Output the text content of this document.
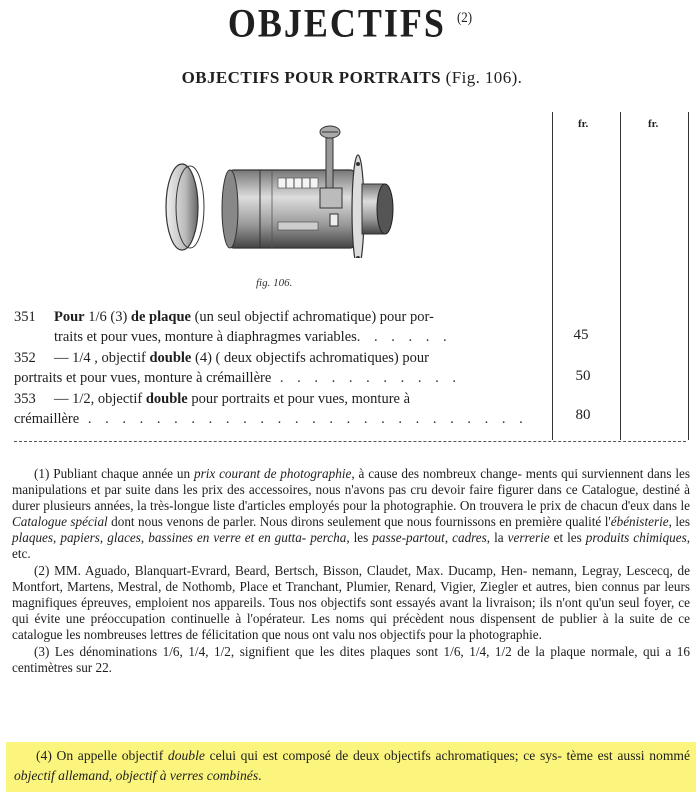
OBJECTIFS $^{(2)}$
OBJECTIFS POUR PORTRAITS (Fig. 106).
fr.	fr.
fig. 106.
351 Pour 1/6 (3) de plaque (un seul objectif achromatique) pour por-
traits et pour vues, monture à diaphragmes variables. . . . . .	45
352 — 1/4 , objectif double (4) ( deux objectifs achromatiques) pour
portraits et pour vues, monture à crémaillère . . . . . . . . . . .	50
353 — 1/2, objectif double pour portraits et pour vues, monture à
crémaillère . . . . . . . . . . . . . . . . . . . . . . . . . .	80

(1) Publiant chaque année un prix courant de photographie, à cause des nombreux change- ments qui surviennent dans les manipulations et par suite dans les prix des accessoires, nous n'avons pas cru devoir faire figurer dans ce Catalogue, destiné à durer plusieurs années, la très-longue liste d'articles employés pour la photographie. On trouvera le prix de chacun d'eux dans le Catalogue spécial dont nous venons de parler. Nous dirons seulement que nous fournissons en première qualité l'ébénisterie, les plaques, papiers, glaces, bassines en verre et en gutta- percha, les passe-partout, cadres, la verrerie et les produits chimiques, etc.

(2) MM. Aguado, Blanquart-Evrard, Beard, Bertsch, Bisson, Claudet, Max. Ducamp, Hen- nemann, Legray, Lescecq, de Montfort, Martens, Mestral, de Nothomb, Place et Tranchant, Plumier, Renard, Vigier, Ziegler et autres, bien connus par leurs magnifiques épreuves, emploient nos appareils. Tous nos objectifs sont essayés avant la livraison; ils n'ont qu'un seul foyer, ce qui évite une préoccupation continuelle à l'opérateur. Les noms qui précèdent nous dispensent de publier à la suite de ce catalogue les nombreuses lettres de félicitation que nous ont valu nos objectifs pour la photographie.

(3) Les dénominations 1/6, 1/4, 1/2, signifient que les dites plaques sont 1/6, 1/4, 1/2 de la plaque normale, qui a 16 centimètres sur 22.

(4) On appelle objectif double celui qui est composé de deux objectifs achromatiques; ce sys- tème est aussi nommé objectif allemand, objectif à verres combinés.
